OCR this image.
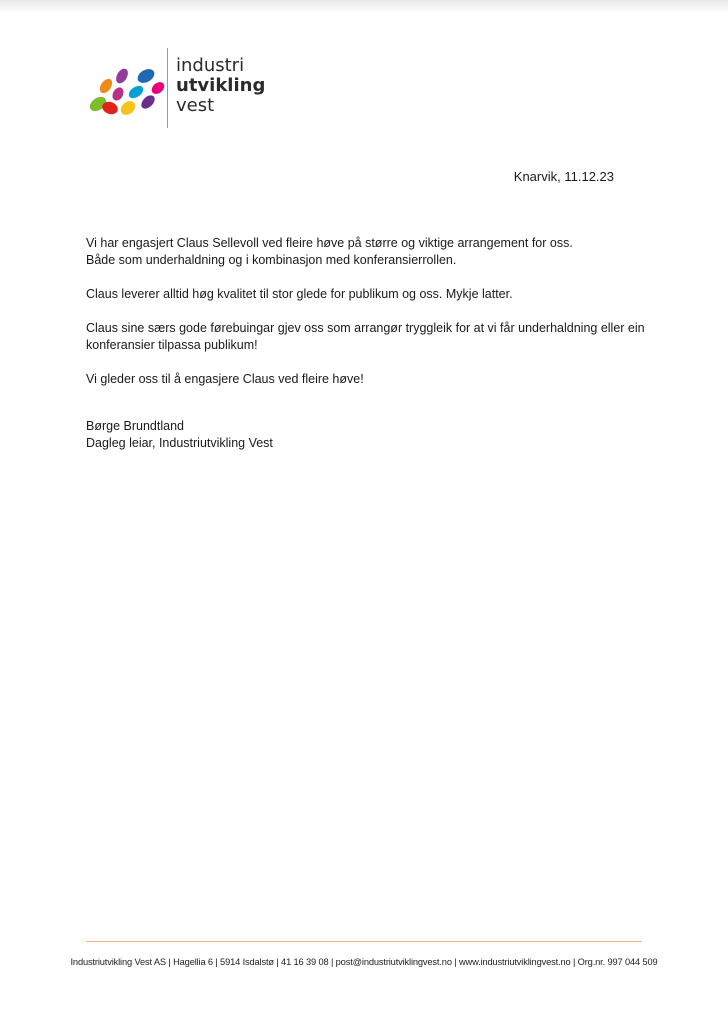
industri
utvikling
vest
Knarvik, 11.12.23

Vi har engasjert Claus Sellevoll ved fleire høve på større og viktige arrangement for oss.
Både som underhaldning og i kombinasjon med konferansierrollen.

Claus leverer alltid høg kvalitet til stor glede for publikum og oss. Mykje latter.

Claus sine særs gode førebuingar gjev oss som arrangør tryggleik for at vi får underhaldning eller ein konferansier tilpassa publikum!

Vi gleder oss til å engasjere Claus ved fleire høve!

Børge Brundtland
Dagleg leiar, Industriutvikling Vest
Industriutvikling Vest AS | Hagellia 6 | 5914 Isdalstø | 41 16 39 08 | post@industriutviklingvest.no | www.industriutviklingvest.no | Org.nr. 997 044 509
